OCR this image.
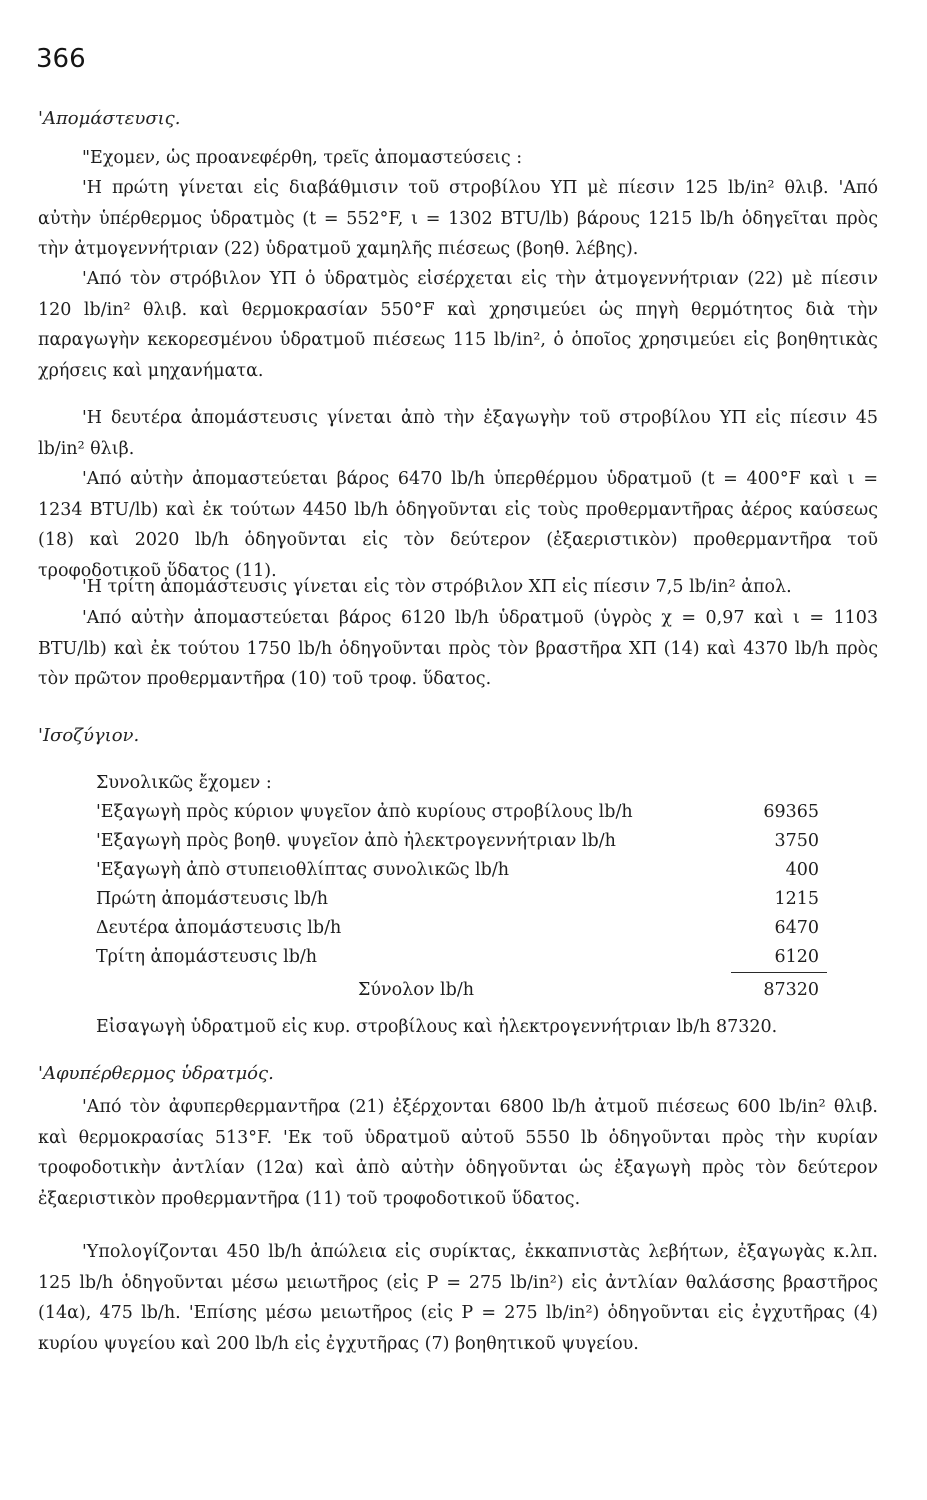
366
'Απομάστευσις.
"Εχομεν, ὡς προανεφέρθη, τρεῖς ἀπομαστεύσεις :
'Η πρώτη γίνεται εἰς διαβάθμισιν τοῦ στροβίλου ΥΠ μὲ πίεσιν 125 lb/in² θλιβ. 'Από αὐτὴν ὑπέρθερμος ὑδρατμὸς (t = 552°F, ι = 1302 BTU/lb) βάρους 1215 lb/h ὁδηγεῖται πρὸς τὴν ἀτμογεννήτριαν (22) ὑδρατμοῦ χαμηλῆς πιέσεως (βοηθ. λέβης).
'Από τὸν στρόβιλον ΥΠ ὁ ὑδρατμὸς εἰσέρχεται εἰς τὴν ἀτμογεννήτριαν (22) μὲ πίεσιν 120 lb/in² θλιβ. καὶ θερμοκρασίαν 550°F καὶ χρησιμεύει ὡς πηγὴ θερμότητος διὰ τὴν παραγωγὴν κεκορεσμένου ὑδρατμοῦ πιέσεως 115 lb/in², ὁ ὁποῖος χρησιμεύει εἰς βοηθητικὰς χρήσεις καὶ μηχανήματα.
'Η δευτέρα ἀπομάστευσις γίνεται ἀπὸ τὴν ἐξαγωγὴν τοῦ στροβίλου ΥΠ εἰς πίεσιν 45 lb/in² θλιβ.
'Από αὐτὴν ἀπομαστεύεται βάρος 6470 lb/h ὑπερθέρμου ὑδρατμοῦ (t = 400°F καὶ ι = 1234 BTU/lb) καὶ ἐκ τούτων 4450 lb/h ὁδηγοῦνται εἰς τοὺς προθερμαντῆρας ἀέρος καύσεως (18) καὶ 2020 lb/h ὁδηγοῦνται εἰς τὸν δεύτερον (ἐξαεριστικὸν) προθερμαντῆρα τοῦ τροφοδοτικοῦ ὕδατος (11).
'Η τρίτη ἀπομάστευσις γίνεται εἰς τὸν στρόβιλον ΧΠ εἰς πίεσιν 7,5 lb/in² ἀπολ.
'Από αὐτὴν ἀπομαστεύεται βάρος 6120 lb/h ὑδρατμοῦ (ὑγρὸς χ = 0,97 καὶ ι = 1103 BTU/lb) καὶ ἐκ τούτου 1750 lb/h ὁδηγοῦνται πρὸς τὸν βραστῆρα ΧΠ (14) καὶ 4370 lb/h πρὸς τὸν πρῶτον προθερμαντῆρα (10) τοῦ τροφ. ὕδατος.
'Ισοζύγιον.
Συνολικῶς ἔχομεν :
'Εξαγωγὴ πρὸς κύριον ψυγεῖον ἀπὸ κυρίους στροβίλους lb/h	69365
'Εξαγωγὴ πρὸς βοηθ. ψυγεῖον ἀπὸ ἠλεκτρογεννήτριαν lb/h	3750
'Εξαγωγὴ ἀπὸ στυπειοθλίπτας συνολικῶς lb/h	400
Πρώτη ἀπομάστευσις lb/h	1215
Δευτέρα ἀπομάστευσις lb/h	6470
Τρίτη ἀπομάστευσις lb/h	6120
Σύνολον lb/h	87320
Εἰσαγωγὴ ὑδρατμοῦ εἰς κυρ. στροβίλους καὶ ἠλεκτρογεννήτριαν lb/h 87320.
'Αφυπέρθερμος ὑδρατμός.
'Από τὸν ἀφυπερθερμαντῆρα (21) ἐξέρχονται 6800 lb/h ἀτμοῦ πιέσεως 600 lb/in² θλιβ. καὶ θερμοκρασίας 513°F. 'Εκ τοῦ ὑδρατμοῦ αὐτοῦ 5550 lb ὁδηγοῦνται πρὸς τὴν κυρίαν τροφοδοτικὴν ἀντλίαν (12α) καὶ ἀπὸ αὐτὴν ὁδηγοῦνται ὡς ἐξαγωγὴ πρὸς τὸν δεύτερον ἐξαεριστικὸν προθερμαντῆρα (11) τοῦ τροφοδοτικοῦ ὕδατος.
'Υπολογίζονται 450 lb/h ἀπώλεια εἰς συρίκτας, ἐκκαπνιστὰς λεβήτων, ἐξαγωγὰς κ.λπ. 125 lb/h ὁδηγοῦνται μέσω μειωτῆρος (εἰς P = 275 lb/in²) εἰς ἀντλίαν θαλάσσης βραστῆρος (14α), 475 lb/h. 'Επίσης μέσω μειωτῆρος (εἰς P = 275 lb/in²) ὁδηγοῦνται εἰς ἐγχυτῆρας (4) κυρίου ψυγείου καὶ 200 lb/h εἰς ἐγχυτῆρας (7) βοηθητικοῦ ψυγείου.
